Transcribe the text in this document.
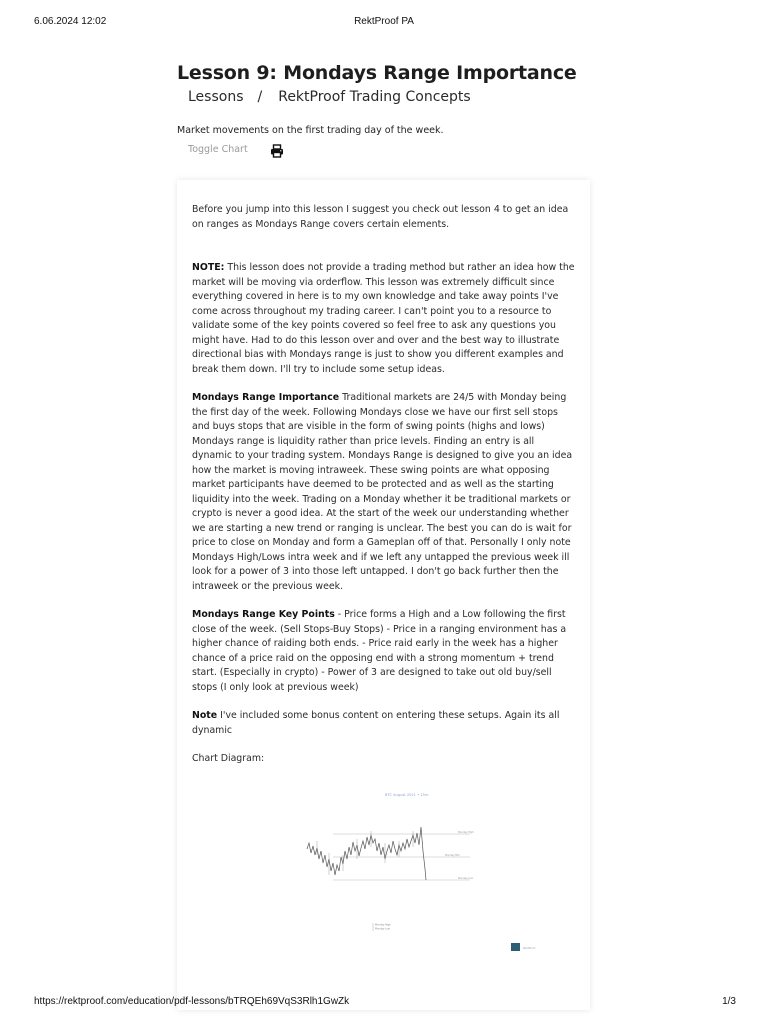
6.06.2024 12:02	RektProof PA
Lesson 9: Mondays Range Importance
Lessons / RektProof Trading Concepts
Market movements on the first trading day of the week.
Toggle Chart

Before you jump into this lesson I suggest you check out lesson 4 to get an idea on ranges as Mondays Range covers certain elements.

NOTE: This lesson does not provide a trading method but rather an idea how the market will be moving via orderflow. This lesson was extremely difficult since everything covered in here is to my own knowledge and take away points I've come across throughout my trading career. I can't point you to a resource to validate some of the key points covered so feel free to ask any questions you might have. Had to do this lesson over and over and the best way to illustrate directional bias with Mondays range is just to show you different examples and break them down. I'll try to include some setup ideas.

Mondays Range Importance Traditional markets are 24/5 with Monday being the first day of the week. Following Mondays close we have our first sell stops and buys stops that are visible in the form of swing points (highs and lows) Mondays range is liquidity rather than price levels. Finding an entry is all dynamic to your trading system. Mondays Range is designed to give you an idea how the market is moving intraweek. These swing points are what opposing market participants have deemed to be protected and as well as the starting liquidity into the week. Trading on a Monday whether it be traditional markets or crypto is never a good idea. At the start of the week our understanding whether we are starting a new trend or ranging is unclear. The best you can do is wait for price to close on Monday and form a Gameplan off of that. Personally I only note Mondays High/Lows intra week and if we left any untapped the previous week ill look for a power of 3 into those left untapped. I don't go back further then the intraweek or the previous week.

Mondays Range Key Points - Price forms a High and a Low following the first close of the week. (Sell Stops-Buy Stops) - Price in a ranging environment has a higher chance of raiding both ends. - Price raid early in the week has a higher chance of a price raid on the opposing end with a strong momentum + trend start. (Especially in crypto) - Power of 3 are designed to take out old buy/sell stops (I only look at previous week)

Note I've included some bonus content on entering these setups. Again its all dynamic

Chart Diagram:

BTC August 2021 • 15m
Monday High
Monday Mid
Monday Low
Monday High
Monday Low
RektProof
https://rektproof.com/education/pdf-lessons/bTRQEh69VqS3Rlh1GwZk	1/3
